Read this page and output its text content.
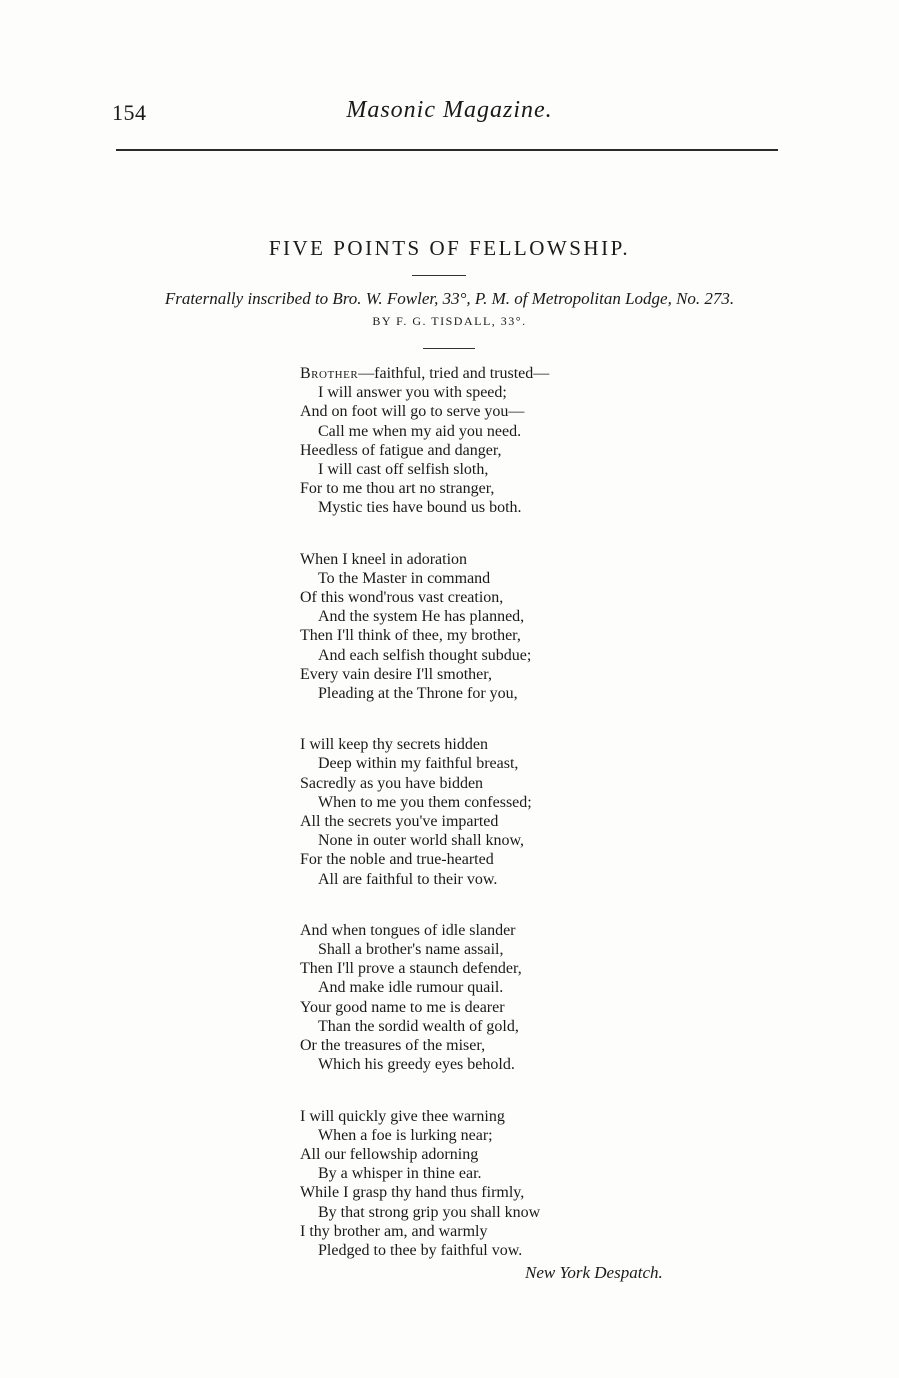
154	Masonic Magazine.
FIVE POINTS OF FELLOWSHIP.
Fraternally inscribed to Bro. W. Fowler, 33°, P. M. of Metropolitan Lodge, No. 273.
BY F. G. TISDALL, 33°.
Brother—faithful, tried and trusted—
I will answer you with speed;
And on foot will go to serve you—
Call me when my aid you need.
Heedless of fatigue and danger,
I will cast off selfish sloth,
For to me thou art no stranger,
Mystic ties have bound us both.
When I kneel in adoration
To the Master in command
Of this wond'rous vast creation,
And the system He has planned,
Then I'll think of thee, my brother,
And each selfish thought subdue;
Every vain desire I'll smother,
Pleading at the Throne for you,
I will keep thy secrets hidden
Deep within my faithful breast,
Sacredly as you have bidden
When to me you them confessed;
All the secrets you've imparted
None in outer world shall know,
For the noble and true-hearted
All are faithful to their vow.
And when tongues of idle slander
Shall a brother's name assail,
Then I'll prove a staunch defender,
And make idle rumour quail.
Your good name to me is dearer
Than the sordid wealth of gold,
Or the treasures of the miser,
Which his greedy eyes behold.
I will quickly give thee warning
When a foe is lurking near;
All our fellowship adorning
By a whisper in thine ear.
While I grasp thy hand thus firmly,
By that strong grip you shall know
I thy brother am, and warmly
Pledged to thee by faithful vow.
New York Despatch.
